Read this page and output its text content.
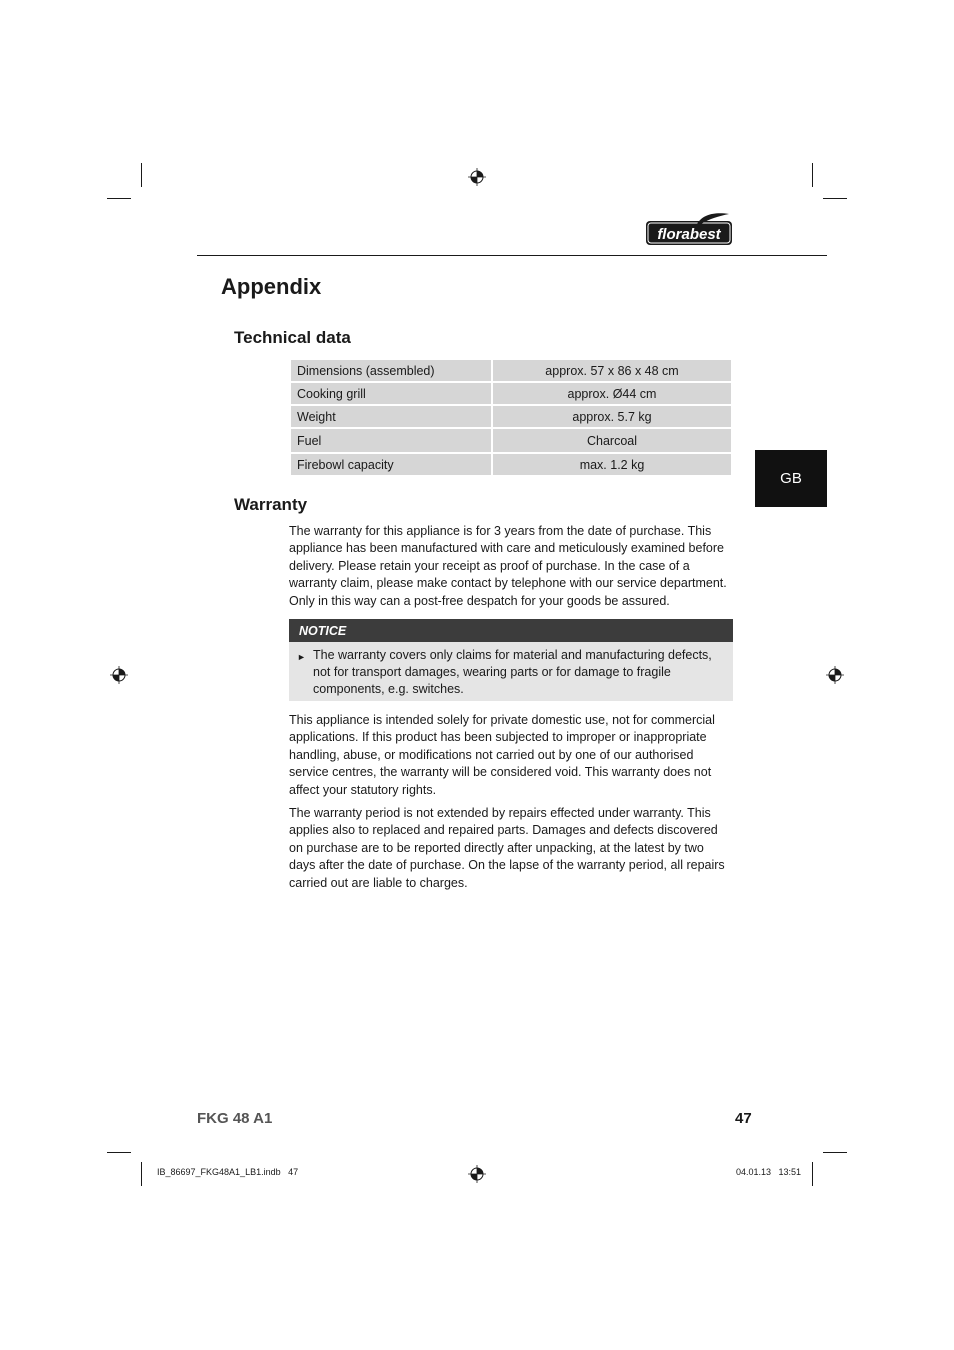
florabest
Appendix
Technical data
Dimensions (assembled)	approx. 57 x 86 x 48 cm
Cooking grill	approx. Ø44 cm
Weight	approx. 5.7 kg
Fuel	Charcoal
Firebowl capacity	max. 1.2 kg
GB
Warranty
The warranty for this appliance is for 3 years from the date of purchase. This appliance has been manufactured with care and meticulously examined before delivery. Please retain your receipt as proof of purchase. In the case of a warranty claim, please make contact by telephone with our service department. Only in this way can a post-free despatch for your goods be assured.
NOTICE
► The warranty covers only claims for material and manufacturing defects, not for transport damages, wearing parts or for damage to fragile components, e.g. switches.
This appliance is intended solely for private domestic use, not for commercial applications. If this product has been subjected to improper or inappropriate handling, abuse, or modifications not carried out by one of our authorised service centres, the warranty will be considered void. This warranty does not affect your statutory rights.
The warranty period is not extended by repairs effected under warranty. This applies also to replaced and repaired parts. Damages and defects discovered on purchase are to be reported directly after unpacking, at the latest by two days after the date of purchase. On the lapse of the warranty period, all repairs carried out are liable to charges.
FKG 48 A1	47
IB_86697_FKG48A1_LB1.indb   47	04.01.13   13:51
